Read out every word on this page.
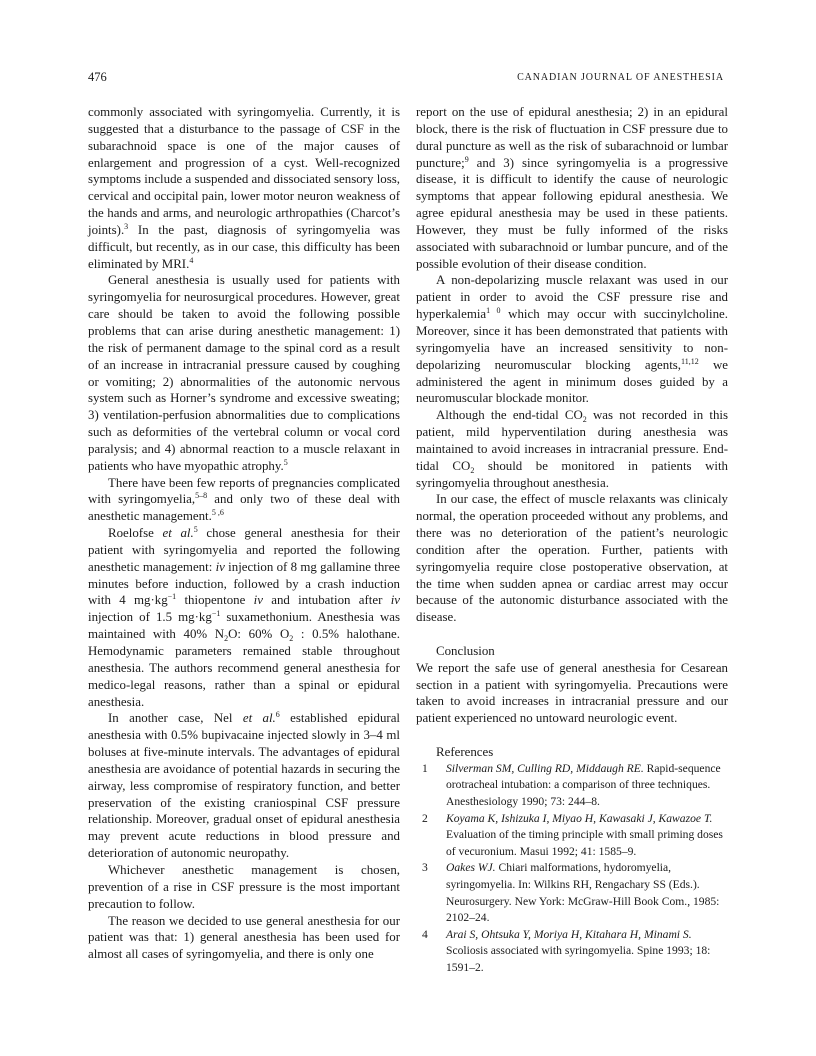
476	CANADIAN JOURNAL OF ANESTHESIA

commonly associated with syringomyelia. Currently, it is suggested that a disturbance to the passage of CSF in the subarachnoid space is one of the major causes of enlargement and progression of a cyst. Well-recognized symptoms include a suspended and dissociated sensory loss, cervical and occipital pain, lower motor neuron weakness of the hands and arms, and neurologic arthropathies (Charcot’s joints).$^3$ In the past, diagnosis of syringomyelia was difficult, but recently, as in our case, this difficulty has been eliminated by MRI.$^4$

General anesthesia is usually used for patients with syringomyelia for neurosurgical procedures. However, great care should be taken to avoid the following possible problems that can arise during anesthetic management: 1) the risk of permanent damage to the spinal cord as a result of an increase in intracranial pressure caused by coughing or vomiting; 2) abnormalities of the autonomic nervous system such as Horner’s syndrome and excessive sweating; 3) ventilation-perfusion abnormalities due to complications such as deformities of the vertebral column or vocal cord paralysis; and 4) abnormal reaction to a muscle relaxant in patients who have myopathic atrophy.$^5$

There have been few reports of pregnancies complicated with syringomyelia,$^{5-8}$ and only two of these deal with anesthetic management.$^{5 ,6}$

Roelofse et al.$^5$ chose general anesthesia for their patient with syringomyelia and reported the following anesthetic management: iv injection of 8 mg gallamine three minutes before induction, followed by a crash induction with 4 $mg\cdot kg^{-1}$ thiopentone iv and intubation after iv injection of 1.5 $mg\cdot kg^{-1}$ suxamethonium. Anesthesia was maintained with 40% $N_2O$: 60% $O_2$ : 0.5% halothane. Hemodynamic parameters remained stable throughout anesthesia. The authors recommend general anesthesia for medico-legal reasons, rather than a spinal or epidural anesthesia.

In another case, Nel et al.$^6$ established epidural anesthesia with 0.5% bupivacaine injected slowly in 3–4 ml boluses at five-minute intervals. The advantages of epidural anesthesia are avoidance of potential hazards in securing the airway, less compromise of respiratory function, and better preservation of the existing craniospinal CSF pressure relationship. Moreover, gradual onset of epidural anesthesia may prevent acute reductions in blood pressure and deterioration of autonomic neuropathy.

Whichever anesthetic management is chosen, prevention of a rise in CSF pressure is the most important precaution to follow.

The reason we decided to use general anesthesia for our patient was that: 1) general anesthesia has been used for almost all cases of syringomyelia, and there is only one

report on the use of epidural anesthesia; 2) in an epidural block, there is the risk of fluctuation in CSF pressure due to dural puncture as well as the risk of subarachnoid or lumbar puncture;$^9$ and 3) since syringomyelia is a progressive disease, it is difficult to identify the cause of neurologic symptoms that appear following epidural anesthesia. We agree epidural anesthesia may be used in these patients. However, they must be fully informed of the risks associated with subarachnoid or lumbar puncure, and of the possible evolution of their disease condition.

A non-depolarizing muscle relaxant was used in our patient in order to avoid the CSF pressure rise and hyperkalemia$^{1 0}$ which may occur with succinylcholine. Moreover, since it has been demonstrated that patients with syringomyelia have an increased sensitivity to non-depolarizing neuromuscular blocking agents,$^{11,12}$ we administered the agent in minimum doses guided by a neuromuscular blockade monitor.

Although the end-tidal $CO_2$ was not recorded in this patient, mild hyperventilation during anesthesia was maintained to avoid increases in intracranial pressure. End-tidal $CO_2$ should be monitored in patients with syringomyelia throughout anesthesia.

In our case, the effect of muscle relaxants was clinicaly normal, the operation proceeded without any problems, and there was no deterioration of the patient’s neurologic condition after the operation. Further, patients with syringomyelia require close postoperative observation, at the time when sudden apnea or cardiac arrest may occur because of the autonomic disturbance associated with the disease.

Conclusion

We report the safe use of general anesthesia for Cesarean section in a patient with syringomyelia. Precautions were taken to avoid increases in intracranial pressure and our patient experienced no untoward neurologic event.

References

1	Silverman SM, Culling RD, Middaugh RE. Rapid-sequence orotracheal intubation: a comparison of three techniques. Anesthesiology 1990; 73: 244–8.
2	Koyama K, Ishizuka I, Miyao H, Kawasaki J, Kawazoe T. Evaluation of the timing principle with small priming doses of vecuronium. Masui 1992; 41: 1585–9.
3	Oakes WJ. Chiari malformations, hydoromyelia, syringomyelia. In: Wilkins RH, Rengachary SS (Eds.). Neurosurgery. New York: McGraw-Hill Book Com., 1985: 2102–24.
4	Arai S, Ohtsuka Y, Moriya H, Kitahara H, Minami S. Scoliosis associated with syringomyelia. Spine 1993; 18: 1591–2.
